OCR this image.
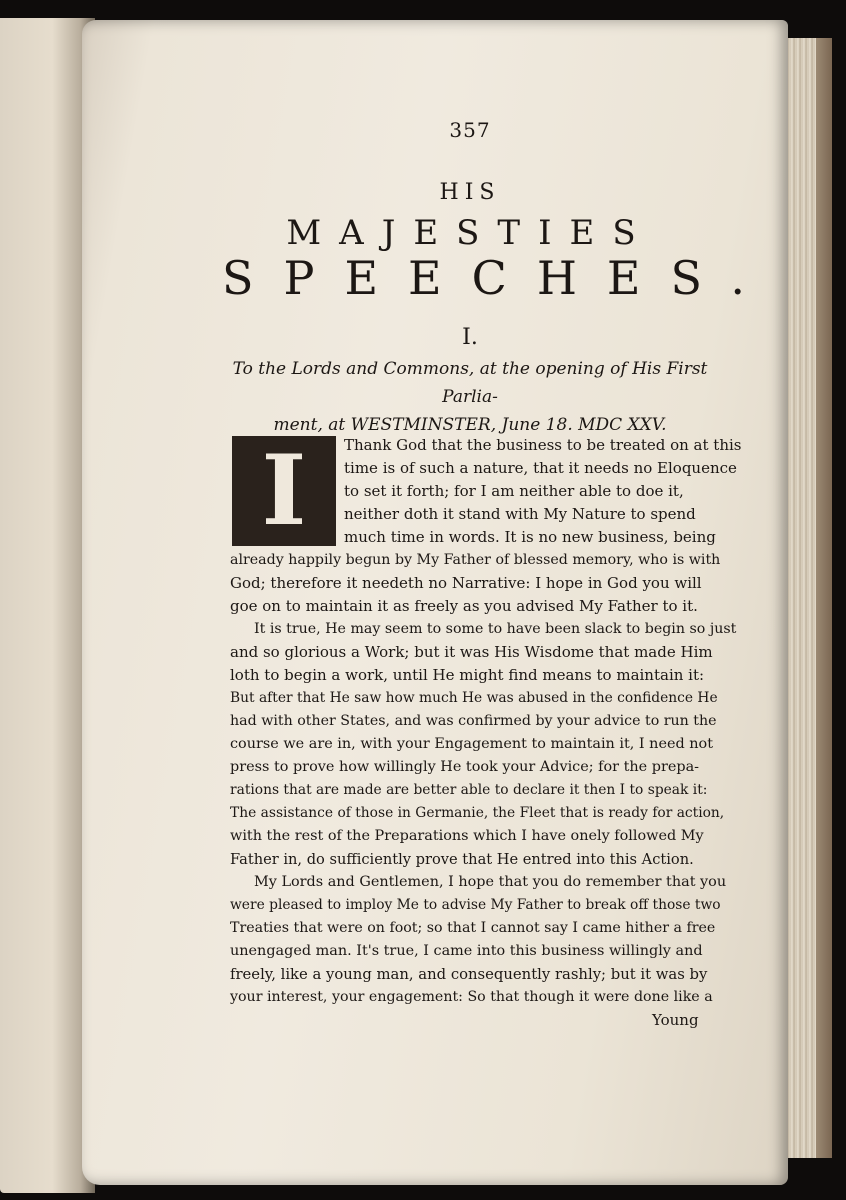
357
HIS
MAJESTIES
SPEECHES.
I.
To the Lords and Commons, at the opening of His First Parlia-
ment, at WESTMINSTER, June 18. MDC XXV.
I	Thank God that the business to be treated on at this
time is of such a nature, that it needs no Eloquence
to set it forth; for I am neither able to doe it,
neither doth it stand with My Nature to spend
much time in words. It is no new business, being
already happily begun by My Father of blessed memory, who is with
God; therefore it needeth no Narrative: I hope in God you will
goe on to maintain it as freely as you advised My Father to it.
It is true, He may seem to some to have been slack to begin so just
and so glorious a Work; but it was His Wisdome that made Him
loth to begin a work, until He might find means to maintain it:
But after that He saw how much He was abused in the confidence He
had with other States, and was confirmed by your advice to run the
course we are in, with your Engagement to maintain it, I need not
press to prove how willingly He took your Advice; for the prepa-
rations that are made are better able to declare it then I to speak it:
The assistance of those in Germanie, the Fleet that is ready for action,
with the rest of the Preparations which I have onely followed My
Father in, do sufficiently prove that He entred into this Action.
My Lords and Gentlemen, I hope that you do remember that you
were pleased to imploy Me to advise My Father to break off those two
Treaties that were on foot; so that I cannot say I came hither a free
unengaged man. It's true, I came into this business willingly and
freely, like a young man, and consequently rashly; but it was by
your interest, your engagement: So that though it were done like a
Young
